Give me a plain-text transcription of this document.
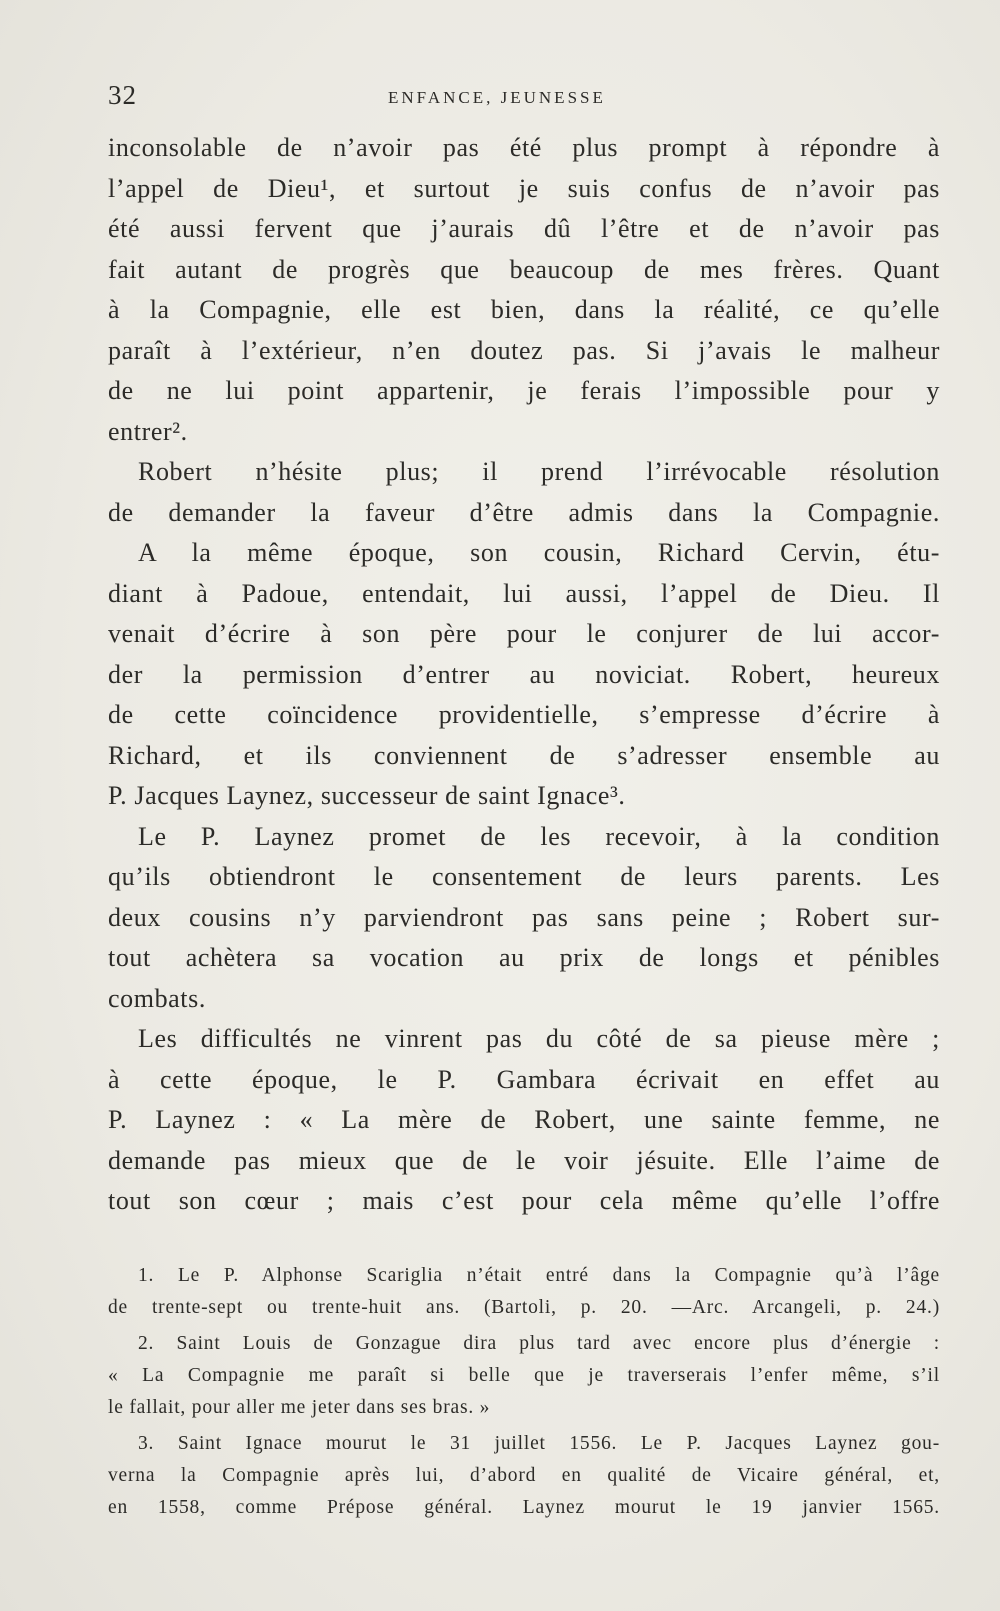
32	ENFANCE, JEUNESSE
inconsolable de n’avoir pas été plus prompt à répondre à
l’appel de Dieu¹, et surtout je suis confus de n’avoir pas
été aussi fervent que j’aurais dû l’être et de n’avoir pas
fait autant de progrès que beaucoup de mes frères. Quant
à la Compagnie, elle est bien, dans la réalité, ce qu’elle
paraît à l’extérieur, n’en doutez pas. Si j’avais le malheur
de ne lui point appartenir, je ferais l’impossible pour y
entrer².
Robert n’hésite plus; il prend l’irrévocable résolution
de demander la faveur d’être admis dans la Compagnie.
A la même époque, son cousin, Richard Cervin, étu-
diant à Padoue, entendait, lui aussi, l’appel de Dieu. Il
venait d’écrire à son père pour le conjurer de lui accor-
der la permission d’entrer au noviciat. Robert, heureux
de cette coïncidence providentielle, s’empresse d’écrire à
Richard, et ils conviennent de s’adresser ensemble au
P. Jacques Laynez, successeur de saint Ignace³.
Le P. Laynez promet de les recevoir, à la condition
qu’ils obtiendront le consentement de leurs parents. Les
deux cousins n’y parviendront pas sans peine ; Robert sur-
tout achètera sa vocation au prix de longs et pénibles
combats.
Les difficultés ne vinrent pas du côté de sa pieuse mère ;
à cette époque, le P. Gambara écrivait en effet au
P. Laynez : « La mère de Robert, une sainte femme, ne
demande pas mieux que de le voir jésuite. Elle l’aime de
tout son cœur ; mais c’est pour cela même qu’elle l’offre
1. Le P. Alphonse Scariglia n’était entré dans la Compagnie qu’à l’âge
de trente-sept ou trente-huit ans. (Bartoli, p. 20. —Arc. Arcangeli, p. 24.)
2. Saint Louis de Gonzague dira plus tard avec encore plus d’énergie :
« La Compagnie me paraît si belle que je traverserais l’enfer même, s’il
le fallait, pour aller me jeter dans ses bras. »
3. Saint Ignace mourut le 31 juillet 1556. Le P. Jacques Laynez gou-
verna la Compagnie après lui, d’abord en qualité de Vicaire général, et,
en 1558, comme Prépose général. Laynez mourut le 19 janvier 1565.
